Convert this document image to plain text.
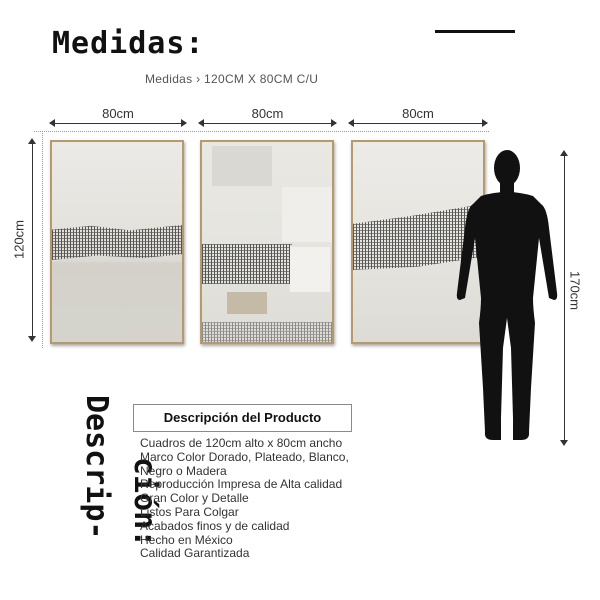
Medidas:
Medidas › 120CM X 80CM C/U
80cm	80cm	80cm
120cm
170cm
Descrip- ción:
Descripción del Producto
Cuadros de 120cm alto x 80cm ancho
Marco Color Dorado, Plateado, Blanco,
Negro o Madera
Reproducción Impresa de Alta calidad
Gran Color y Detalle
Listos Para Colgar
Acabados finos y de calidad
Hecho en México
Calidad Garantizada
